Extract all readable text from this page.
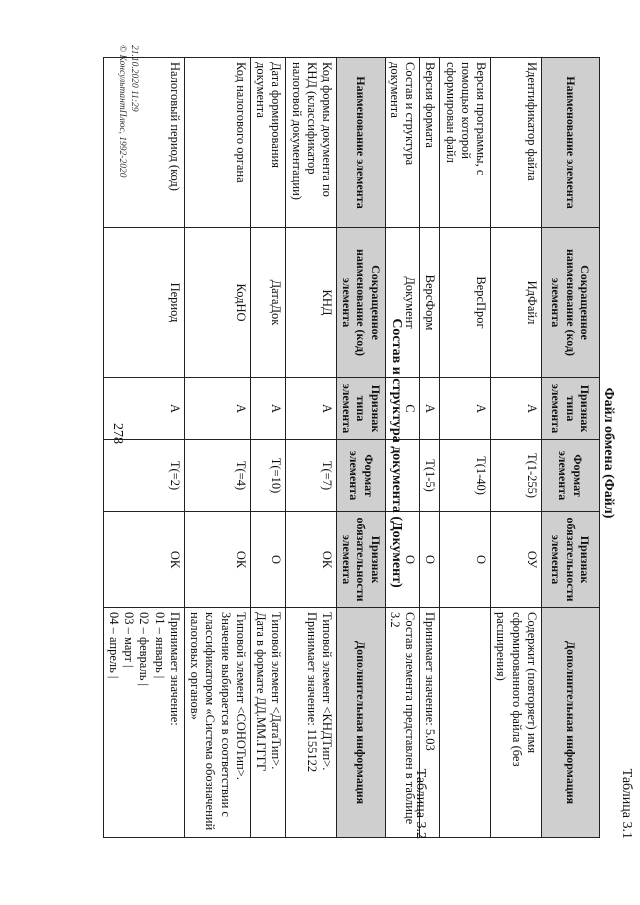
278
Таблица 3.1
Файл обмена (Файл)
Наименование элемента	Сокращенное наименование (код) элемента	Признак типа элемента	Формат элемента	Признак обязательности элемента	Дополнительная информация
Идентификатор файла	ИдФайл	А	T(1-255)	ОУ	Содержит (повторяет) имя сформированного файла (без расширения)
Версия программы, с помощью которой сформирован файл	ВерсПрог	А	T(1-40)	О	
Версия формата	ВерсФорм	А	T(1-5)	О	Принимает значение: 5.03
Состав и структура документа	Документ	С		О	Состав элемента представлен в таблице 3.2
Таблица 3.2
Состав и структура документа (Документ)
Наименование элемента	Сокращенное наименование (код) элемента	Признак типа элемента	Формат элемента	Признак обязательности элемента	Дополнительная информация
Код формы документа по КНД (классификатор налоговой документации)	КНД	А	T(=7)	ОК	Типовой элемент <КНДТип>.
Принимает значение: 1155122

Дата формирования документа	ДатаДок	А	T(=10)	О	Типовой элемент <ДатаТип>.
Дата в формате ДД.ММ.ГГГГ

Код налогового органа	КодНО	А	T(=4)	ОК	Типовой элемент <СОНОТип>.
Значение выбирается в соответствии с классификатором «Система обозначений налоговых органов»

Налоговый период (код)	Период	А	T(=2)	ОК	Принимает значение:
01 – январь |
02 – февраль |
03 – март |
04 – апрель |
21.10.2020 11:29
© КонсультантПлюс, 1992-2020
